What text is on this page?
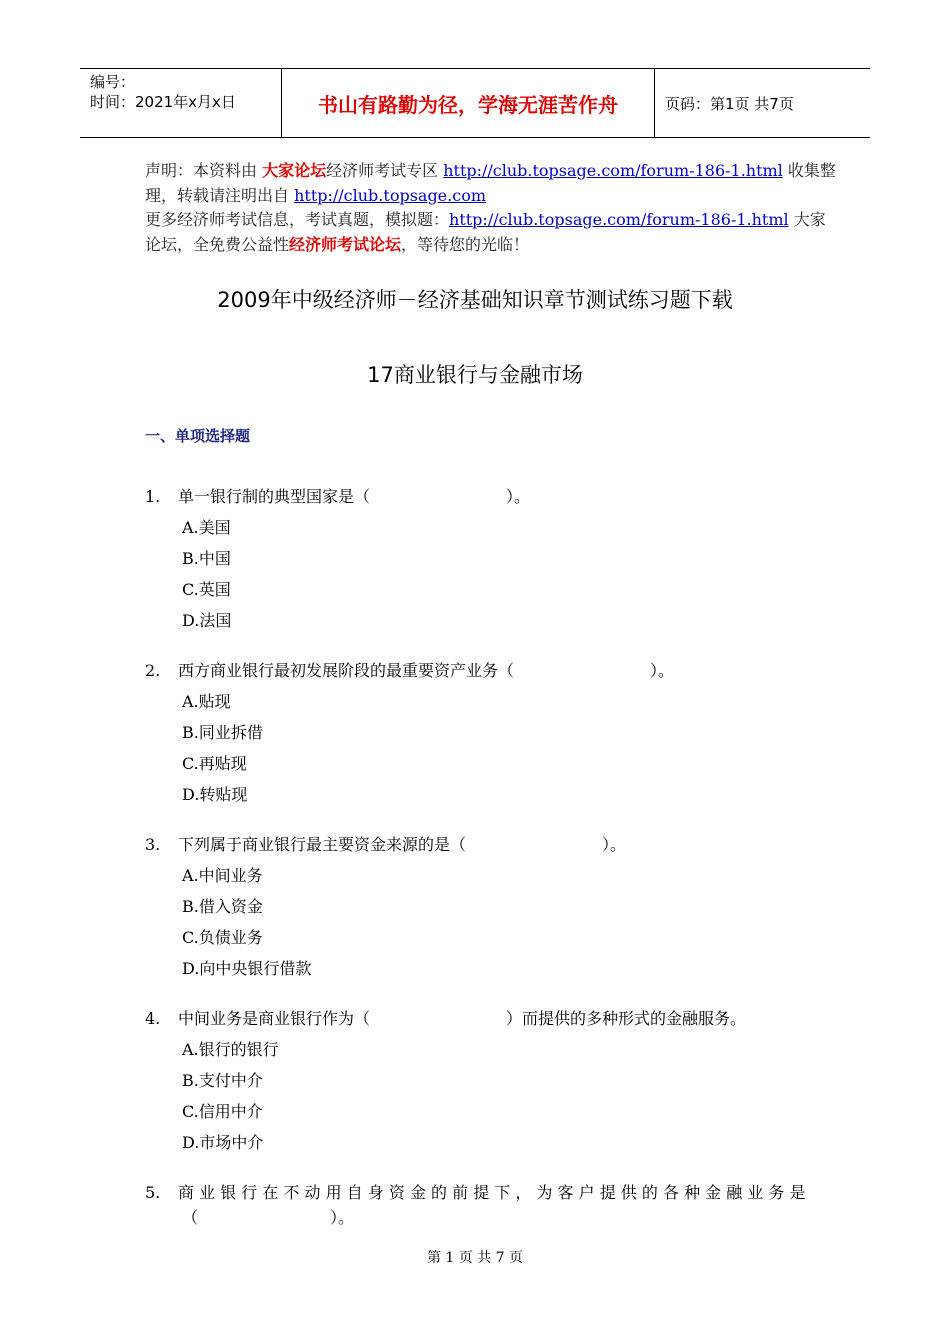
编号：
时间：2021年x月x日	书山有路勤为径，学海无涯苦作舟	页码：第1页 共7页
声明：本资料由 大家论坛经济师考试专区 http://club.topsage.com/forum-186-1.html 收集整
理，转载请注明出自 http://club.topsage.com
更多经济师考试信息，考试真题，模拟题：http://club.topsage.com/forum-186-1.html 大家
论坛，全免费公益性经济师考试论坛，等待您的光临！
2009年中级经济师－经济基础知识章节测试练习题下载
17商业银行与金融市场
一、单项选择题
1. 单一银行制的典型国家是（	）。
A.美国
B.中国
C.英国
D.法国
2. 西方商业银行最初发展阶段的最重要资产业务（	）。
A.贴现
B.同业拆借
C.再贴现
D.转贴现
3. 下列属于商业银行最主要资金来源的是（	）。
A.中间业务
B.借入资金
C.负债业务
D.向中央银行借款
4. 中间业务是商业银行作为（	）而提供的多种形式的金融服务。
A.银行的银行
B.支付中介
C.信用中介
D.市场中介
5. 商 业 银 行 在 不 动 用 自 身 资 金 的 前 提 下 ， 为 客 户 提 供 的 各 种 金 融 业 务 是
（	）。
第 1 页 共 7 页
